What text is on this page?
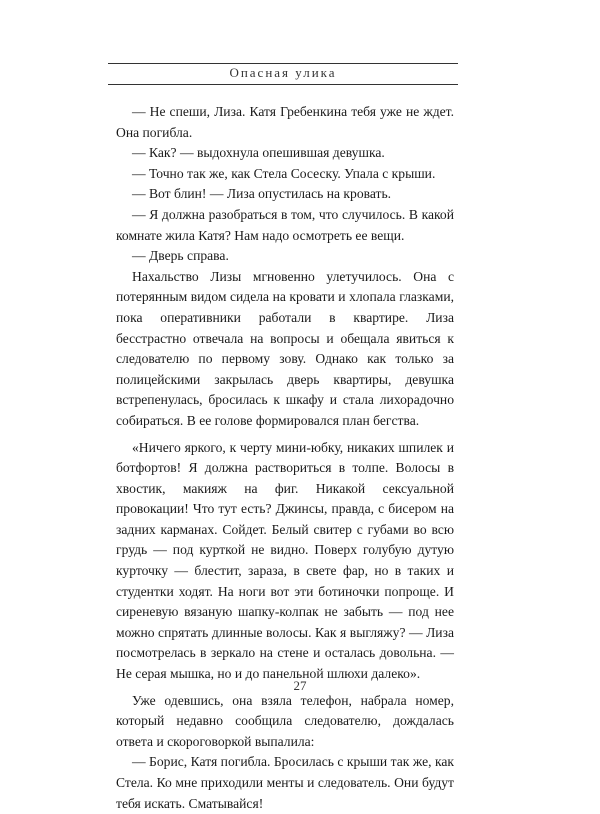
Опасная улика

— Не спеши, Лиза. Катя Гребенкина тебя уже не ждет. Она погибла.

— Как? — выдохнула опешившая девушка.

— Точно так же, как Стела Сосеску. Упала с крыши.

— Вот блин! — Лиза опустилась на кровать.

— Я должна разобраться в том, что случилось. В какой комнате жила Катя? Нам надо осмотреть ее вещи.

— Дверь справа.

Нахальство Лизы мгновенно улетучилось. Она с потерянным видом сидела на кровати и хлопала глазками, пока оперативники работали в квартире. Лиза бесстрастно отвечала на вопросы и обещала явиться к следователю по первому зову. Однако как только за полицейскими закрылась дверь квартиры, девушка встрепенулась, бросилась к шкафу и стала лихорадочно собираться. В ее голове формировался план бегства.

«Ничего яркого, к черту мини-юбку, никаких шпилек и ботфортов! Я должна раствориться в толпе. Волосы в хвостик, макияж на фиг. Никакой сексуальной провокации! Что тут есть? Джинсы, правда, с бисером на задних карманах. Сойдет. Белый свитер с губами во всю грудь — под курткой не видно. Поверх голубую дутую курточку — блестит, зараза, в свете фар, но в таких и студентки ходят. На ноги вот эти ботиночки попроще. И сиреневую вязаную шапку-колпак не забыть — под нее можно спрятать длинные волосы. Как я выгляжу? — Лиза посмотрелась в зеркало на стене и осталась довольна. — Не серая мышка, но и до панельной шлюхи далеко».

Уже одевшись, она взяла телефон, набрала номер, который недавно сообщила следователю, дождалась ответа и скороговоркой выпалила:

— Борис, Катя погибла. Бросилась с крыши так же, как Стела. Ко мне приходили менты и следователь. Они будут тебя искать. Сматывайся!

27
